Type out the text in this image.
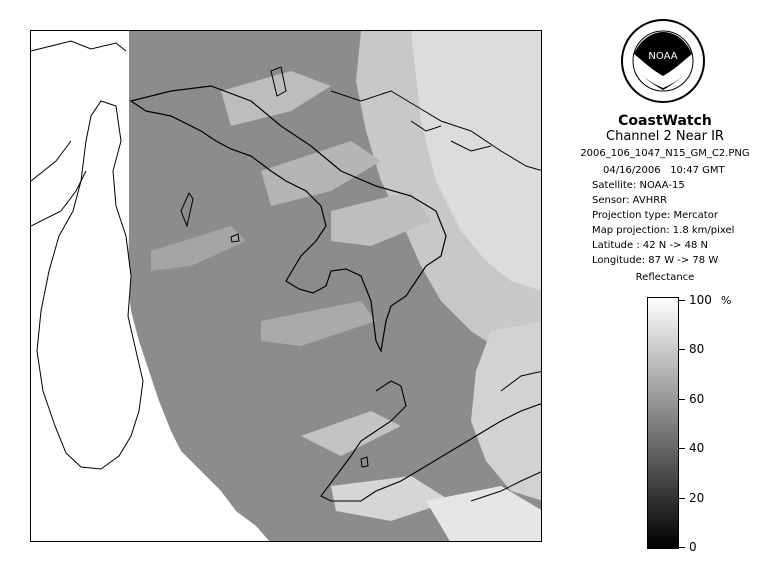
NOAA
CoastWatch
Channel 2 Near IR
2006_106_1047_N15_GM_C2.PNG
04/16/2006 10:47 GMT
Satellite: NOAA-15
Sensor: AVHRR
Projection type: Mercator
Map projection: 1.8 km/pixel
Latitude : 42 N -> 48 N
Longitude: 87 W -> 78 W
Reflectance
%
100
80
60
40
20
0
